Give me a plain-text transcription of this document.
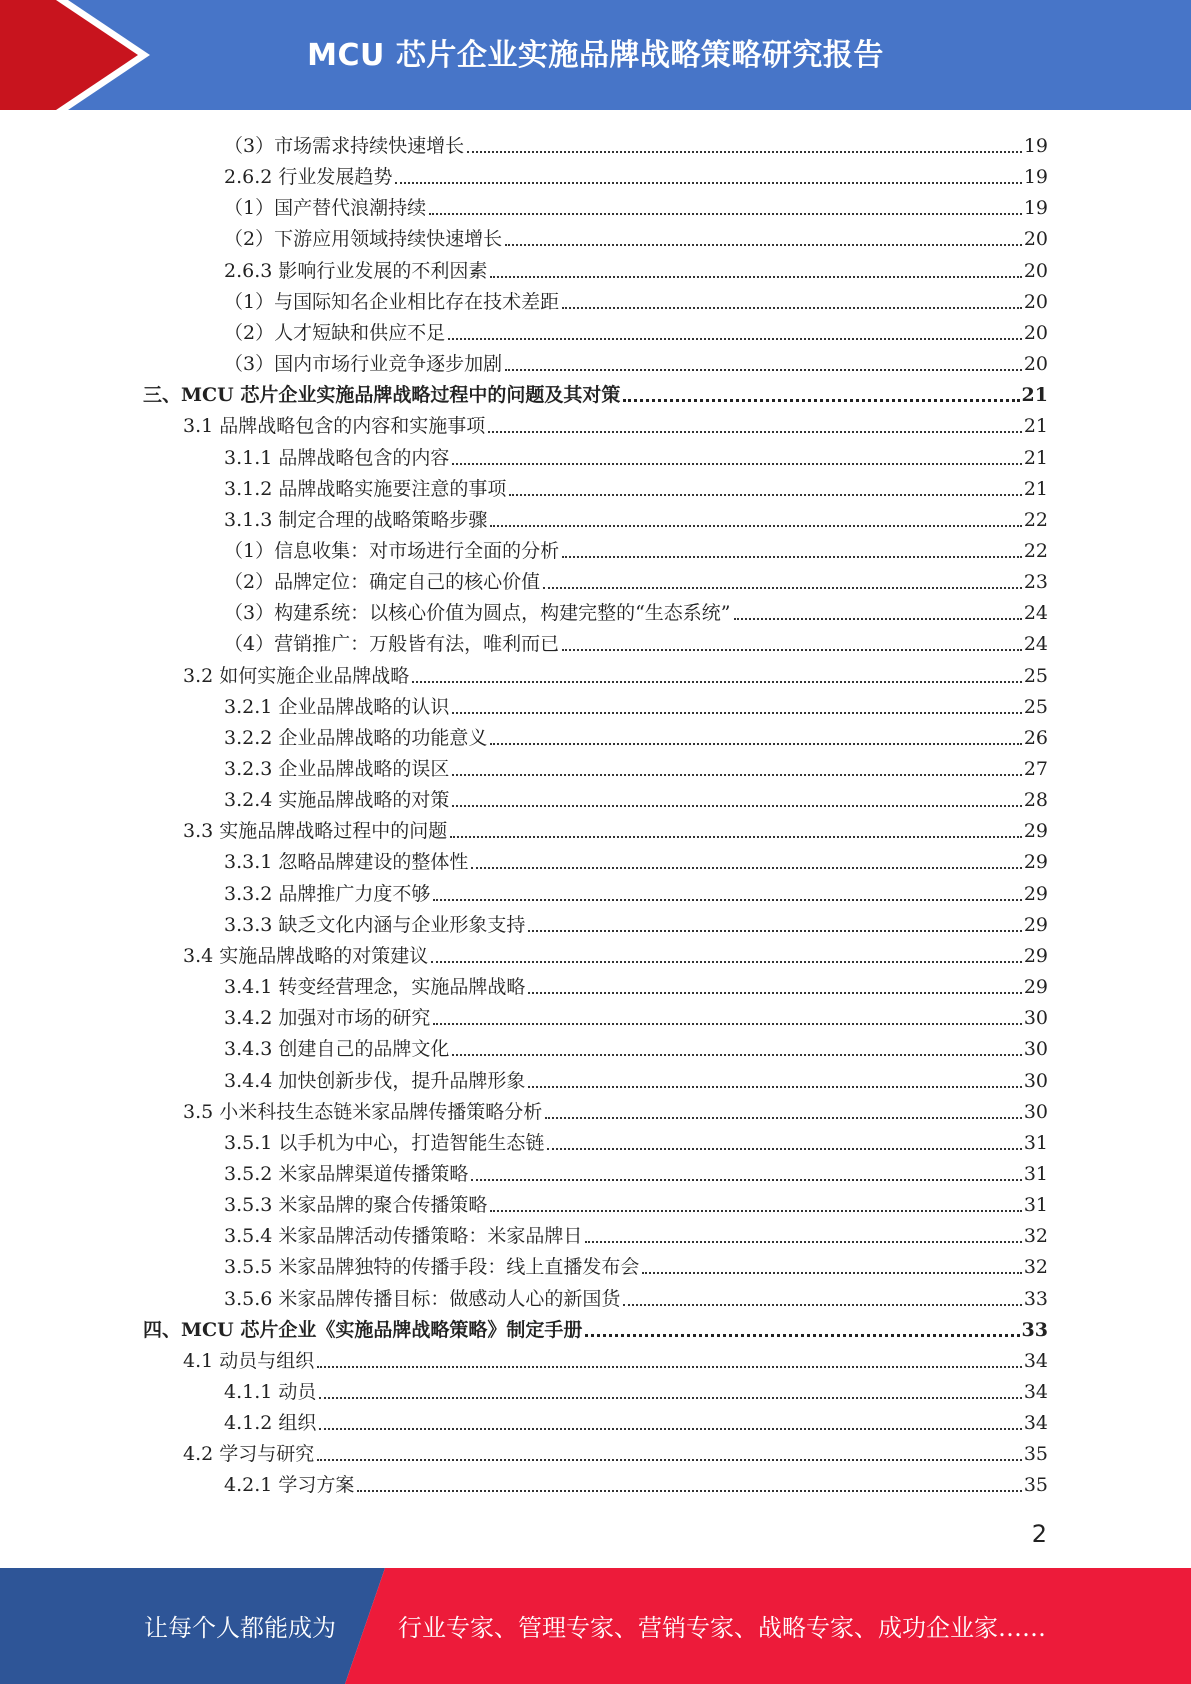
MCU 芯片企业实施品牌战略策略研究报告
（3）市场需求持续快速增长	19
2.6.2 行业发展趋势	19
（1）国产替代浪潮持续	19
（2）下游应用领域持续快速增长	20
2.6.3 影响行业发展的不利因素	20
（1）与国际知名企业相比存在技术差距	20
（2）人才短缺和供应不足	20
（3）国内市场行业竞争逐步加剧	20
三、MCU 芯片企业实施品牌战略过程中的问题及其对策	21
3.1 品牌战略包含的内容和实施事项	21
3.1.1 品牌战略包含的内容	21
3.1.2 品牌战略实施要注意的事项	21
3.1.3 制定合理的战略策略步骤	22
（1）信息收集：对市场进行全面的分析	22
（2）品牌定位：确定自己的核心价值	23
（3）构建系统：以核心价值为圆点，构建完整的“生态系统”	24
（4）营销推广：万般皆有法，唯利而已	24
3.2 如何实施企业品牌战略	25
3.2.1 企业品牌战略的认识	25
3.2.2 企业品牌战略的功能意义	26
3.2.3 企业品牌战略的误区	27
3.2.4 实施品牌战略的对策	28
3.3 实施品牌战略过程中的问题	29
3.3.1 忽略品牌建设的整体性	29
3.3.2 品牌推广力度不够	29
3.3.3 缺乏文化内涵与企业形象支持	29
3.4 实施品牌战略的对策建议	29
3.4.1 转变经营理念，实施品牌战略	29
3.4.2 加强对市场的研究	30
3.4.3 创建自己的品牌文化	30
3.4.4 加快创新步伐，提升品牌形象	30
3.5 小米科技生态链米家品牌传播策略分析	30
3.5.1 以手机为中心，打造智能生态链	31
3.5.2 米家品牌渠道传播策略	31
3.5.3 米家品牌的聚合传播策略	31
3.5.4 米家品牌活动传播策略：米家品牌日	32
3.5.5 米家品牌独特的传播手段：线上直播发布会	32
3.5.6 米家品牌传播目标：做感动人心的新国货	33
四、MCU 芯片企业《实施品牌战略策略》制定手册	33
4.1 动员与组织	34
4.1.1 动员	34
4.1.2 组织	34
4.2 学习与研究	35
4.2.1 学习方案	35
2
让每个人都能成为	行业专家、管理专家、营销专家、战略专家、成功企业家……
